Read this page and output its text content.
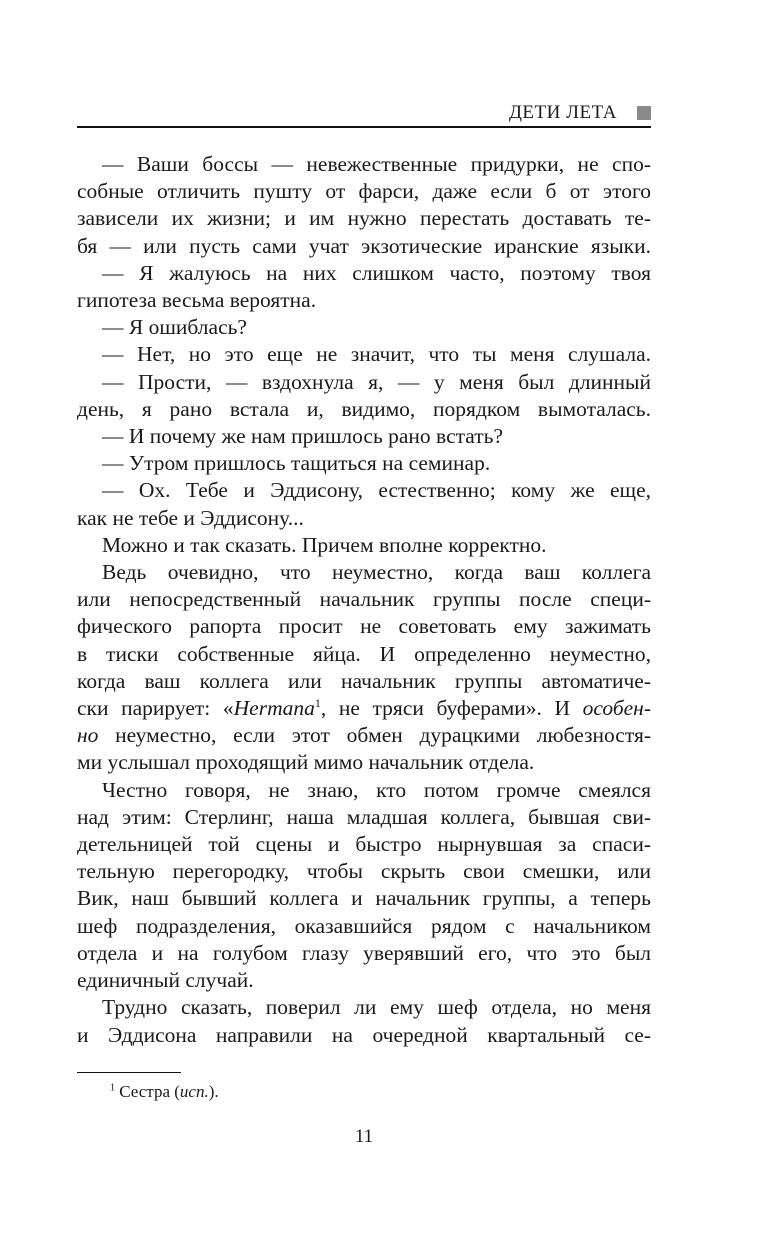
ДЕТИ ЛЕТА

— Ваши боссы — невежественные придурки, не спо-

собные отличить пушту от фарси, даже если б от этого

зависели их жизни; и им нужно перестать доставать те-

бя — или пусть сами учат экзотические иранские языки.

— Я жалуюсь на них слишком часто, поэтому твоя

гипотеза весьма вероятна.

— Я ошиблась?

— Нет, но это еще не значит, что ты меня слушала.

— Прости, — вздохнула я, — у меня был длинный

день, я рано встала и, видимо, порядком вымоталась.

— И почему же нам пришлось рано встать?

— Утром пришлось тащиться на семинар.

— Ох. Тебе и Эддисону, естественно; кому же еще,

как не тебе и Эддисону...

Можно и так сказать. Причем вполне корректно.

Ведь очевидно, что неуместно, когда ваш коллега

или непосредственный начальник группы после специ-

фического рапорта просит не советовать ему зажимать

в тиски собственные яйца. И определенно неуместно,

когда ваш коллега или начальник группы автоматиче-

ски парирует: «Hermana$^1$, не тряси буферами». И особен-

но неуместно, если этот обмен дурацкими любезностя-

ми услышал проходящий мимо начальник отдела.

Честно говоря, не знаю, кто потом громче смеялся

над этим: Стерлинг, наша младшая коллега, бывшая сви-

детельницей той сцены и быстро нырнувшая за спаси-

тельную перегородку, чтобы скрыть свои смешки, или

Вик, наш бывший коллега и начальник группы, а теперь

шеф подразделения, оказавшийся рядом с начальником

отдела и на голубом глазу уверявший его, что это был

единичный случай.

Трудно сказать, поверил ли ему шеф отдела, но меня

и Эддисона направили на очередной квартальный се-

$^1$ Сестра (исп.).
11
